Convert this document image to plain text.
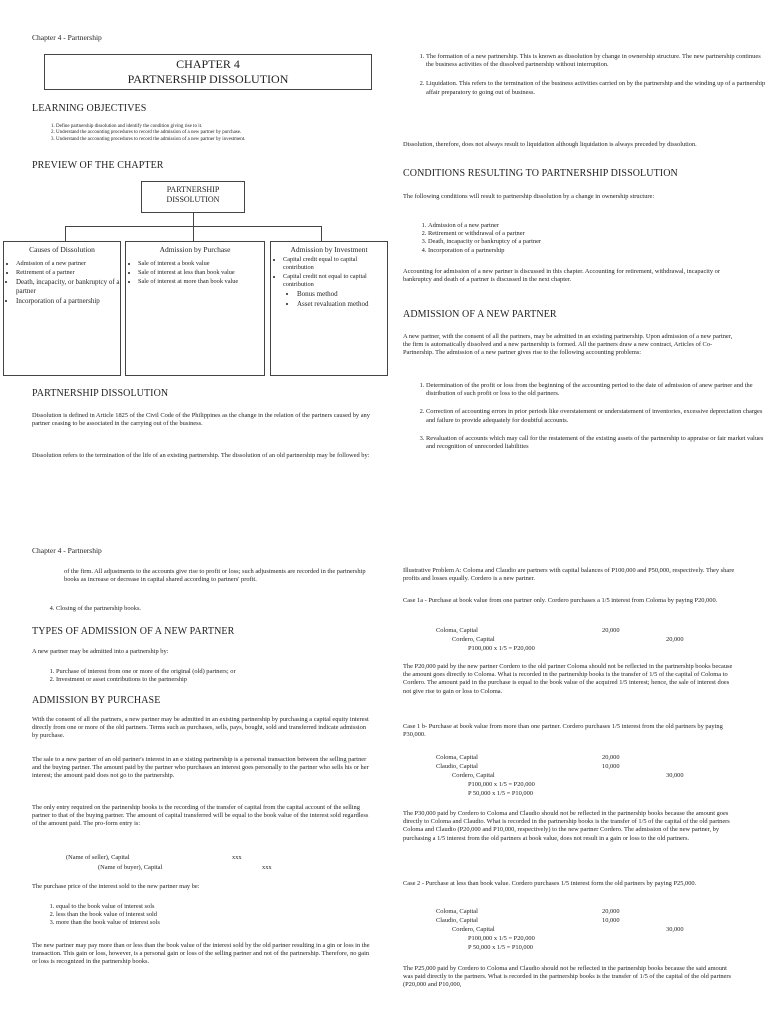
Chapter 4 - Partnership
CHAPTER 4
PARTNERSHIP DISSOLUTION
LEARNING OBJECTIVES
1. Define partnership dissolution and identify the condition giving rise to it.
2. Understand the accounting procedures to record the admission of a new partner by purchase.
3. Understand the accounting procedures to record the admission of a new partner by investment.
PREVIEW OF THE CHAPTER
PARTNERSHIP DISSOLUTION
Causes of Dissolution
• Admission of a new partner
• Retirement of a partner
• Death, incapacity, or bankruptcy of a partner
• Incorporation of a partnership
Admission by Purchase
• Sale of interest a book value
• Sale of interest at less than book value
• Sale of interest at more than book value
Admission by Investment
• Capital credit equal to capital contribution
• Capital credit not equal to capital contribution
• Bonus method
• Asset revaluation method
PARTNERSHIP DISSOLUTION

Dissolution is defined in Article 1825 of the Civil Code of the Philippines as the change in the relation of the partners caused by any partner ceasing to be associated in the carrying out of the business.

Dissolution refers to the termination of the life of an existing partnership. The dissolution of an old partnership may be followed by:

1. The formation of a new partnership. This is known as dissolution by change in ownership structure. The new partnership continues the business activities of the dissolved partnership without interruption.
2. Liquidation. This refers to the termination of the business activities carried on by the partnership and the winding up of a partnership affair preparatory to going out of business.

Dissolution, therefore, does not always result to liquidation although liquidation is always preceded by dissolution.

CONDITIONS RESULTING TO PARTNERSHIP DISSOLUTION

The following conditions will result to partnership dissolution by a change in ownership structure:

1. Admission of a new partner
2. Retirement or withdrawal of a partner
3. Death, incapacity or bankruptcy of a partner
4. Incorporation of a partnership

Accounting for admission of a new partner is discussed in this chapter. Accounting for retirement, withdrawal, incapacity or bankruptcy and death of a partner is discussed in the next chapter.

ADMISSION OF A NEW PARTNER

A new partner, with the consent of all the partners, may be admitted in an existing partnership. Upon admission of a new partner, the firm is automatically dissolved and a new partnership is formed. All the partners draw a new contract, Articles of Co-Partnership. The admission of a new partner gives rise to the following accounting problems:

1. Determination of the profit or loss from the beginning of the accounting period to the date of admission of anew partner and the distribution of such profit or loss to the old partners.
2. Correction of accounting errors in prior periods like overstatement or understatement of inventories, excessive depreciation charges and failure to provide adequately for doubtful accounts.
3. Revaluation of accounts which may call for the restatement of the existing assets of the partnership to appraise or fair market values and recognition of unrecorded liabilities
Chapter 4 - Partnership

of the firm. All adjustments to the accounts give rise to profit or loss; such adjustments are recorded in the partnership books as increase or decrease in capital shared according to partners' profit.

4. Closing of the partnership books.
TYPES OF ADMISSION OF A NEW PARTNER

A new partner may be admitted into a partnership by:

1. Purchase of interest from one or more of the original (old) partners; or
2. Investment or asset contributions to the partnership
ADMISSION BY PURCHASE

With the consent of all the partners, a new partner may be admitted in an existing partnership by purchasing a capital equity interest directly from one or more of the old partners. Terms such as purchases, sells, pays, bought, sold and transferred indicate admission by purchase.

The sale to a new partner of an old partner's interest in an e xisting partnership is a personal transaction between the selling partner and the buying partner. The amount paid by the partner who purchases an interest goes personally to the partner who sells his or her interest; the amount paid does not go to the partnership.

The only entry required on the partnership books is the recording of the transfer of capital from the capital account of the selling partner to that of the buying partner. The amount of capital transferred will be equal to the book value of the interest sold regardless of the amount paid. The pro-form entry is:

(Name of seller), Capital	xxx
(Name of buyer), Capital	xxx

The purchase price of the interest sold to the new partner may be:

1. equal to the book value of interest sols
2. less than the book value of interest sold
3. more than the book value of interest sols

The new partner may pay more than or less than the book value of the interest sold by the old partner resulting in a gin or loss in the transaction. This gain or loss, however, is a personal gain or loss of the selling partner and not of the partnership. Therefore, no gain or loss is recognized in the partnership books.

Illustrative Problem A: Coloma and Claudio are partners with capital balances of P100,000 and P50,000, respectively. They share profits and losses equally. Cordero is a new partner.

Case 1a - Purchase at book value from one partner only. Cordero purchases a 1/5 interest from Coloma by paying P20,000.

Coloma, Capital	20,000
Cordero, Capital	20,000
P100,000 x 1/5 = P20,000

The P20,000 paid by the new partner Cordero to the old partner Coloma should not be reflected in the partnership books because the amount goes directly to Coloma. What is recorded in the partnership books is the transfer of 1/5 of the capital of Coloma to Cordero. The amount paid in the purchase is equal to the book value of the acquired 1/5 interest; hence, the sale of interest does not give rise to gain or loss to Coloma.

Case 1 b- Purchase at book value from more than one partner. Cordero purchases 1/5 interest from the old partners by paying P30,000.

Coloma, Capital	20,000
Claudio, Capital	10,000
Cordero, Capital	30,000
P100,000 x 1/5 = P20,000
P 50,000 x 1/5 = P10,000

The P30,000 paid by Cordero to Coloma and Claudio should not be reflected in the partnership books because the amount goes directly to Coloma and Claudio. What is recorded in the partnership books is the transfer of 1/5 of the capital of the old partners Coloma and Claudio (P20,000 and P10,000, respectively) to the new partner Cordero. The admission of the new partner, by purchasing a 1/5 interest from the old partners at book value, does not result in a gain or loss to the old partners.

Case 2 - Purchase at less than book value. Cordero purchases 1/5 interest form the old partners by paying P25,000.

Coloma, Capital	20,000
Claudio, Capital	10,000
Cordero, Capital	30,000
P100,000 x 1/5 = P20,000
P 50,000 x 1/5 = P10,000

The P25,000 paid by Cordero to Coloma and Claudio should not be reflected in the partnership books because the said amount was paid directly to the partners. What is recorded in the partnership books is the transfer of 1/5 of the capital of the old partners (P20,000 and P10,000,
